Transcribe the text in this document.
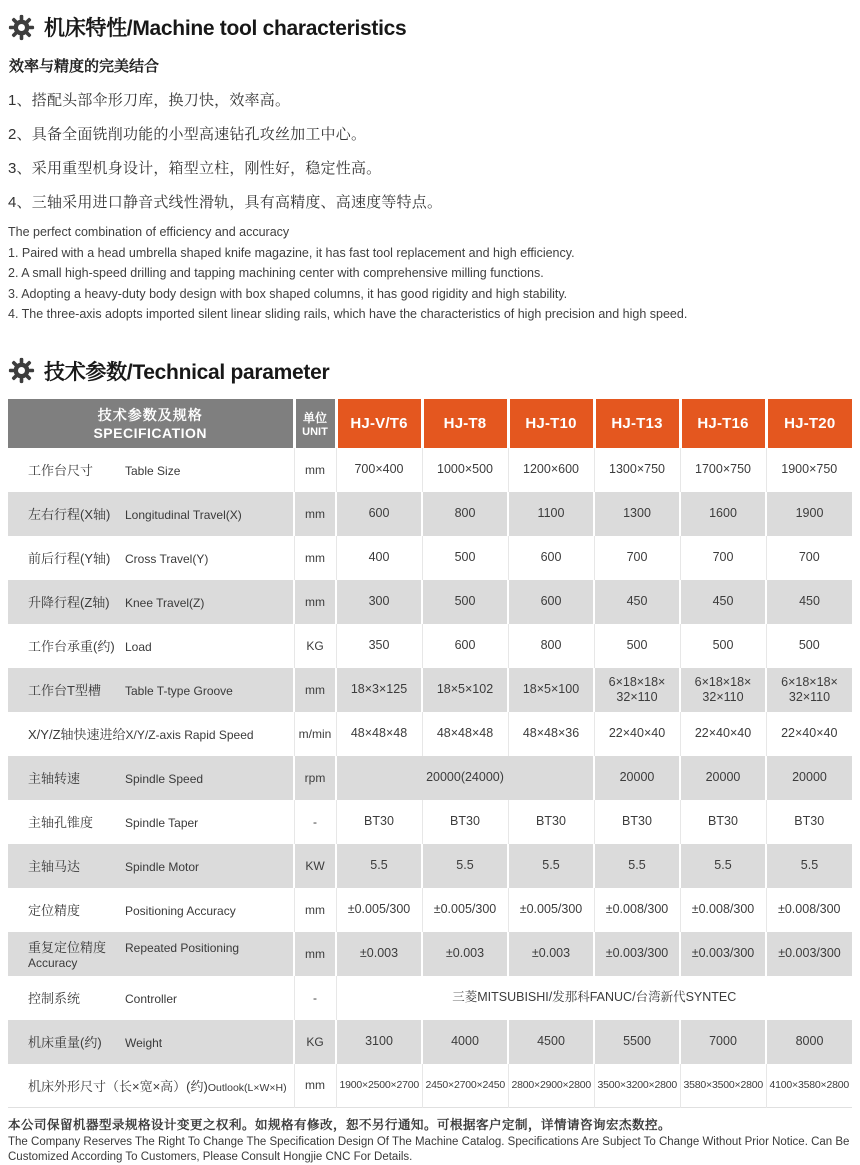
机床特性/Machine tool characteristics
效率与精度的完美结合
1、搭配头部伞形刀库，换刀快，效率高。
2、具备全面铣削功能的小型高速钻孔攻丝加工中心。
3、采用重型机身设计，箱型立柱，刚性好，稳定性高。
4、三轴采用进口静音式线性滑轨，具有高精度、高速度等特点。
The perfect combination of efficiency and accuracy
1. Paired with a head umbrella shaped knife magazine, it has fast tool replacement and high efficiency.
2. A small high-speed drilling and tapping machining center with comprehensive milling functions.
3. Adopting a heavy-duty body design with box shaped columns, it has good rigidity and high stability.
4. The three-axis adopts imported silent linear sliding rails, which have the characteristics of high precision and high speed.
技术参数/Technical parameter
技术参数及规格
SPECIFICATION

单位
UNIT	HJ-V/T6	HJ-T8	HJ-T10	HJ-T13	HJ-T16	HJ-T20
工作台尺寸 Table Size	mm	700×400	1000×500	1200×600	1300×750	1700×750	1900×750
左右行程(X轴)Longitudinal Travel(X)	mm	600	800	1100	1300	1600	1900
前后行程(Y轴)Cross Travel(Y)	mm	400	500	600	700	700	700
升降行程(Z轴)Knee Travel(Z)	mm	300	500	600	450	450	450
工作台承重(约)Load	KG	350	600	800	500	500	500
工作台T型槽Table T-type Groove	mm	18×3×125	18×5×102	18×5×100	6×18×18× 32×110	6×18×18× 32×110	6×18×18× 32×110
X/Y/Z轴快速进给X/Y/Z-axis Rapid Speed	m/min	48×48×48	48×48×48	48×48×36	22×40×40	22×40×40	22×40×40
主轴转速 Spindle Speed	rpm	20000(24000)			20000	20000	20000
主轴孔锥度 Spindle Taper	-	BT30	BT30	BT30	BT30	BT30	BT30
主轴马达 Spindle Motor	KW	5.5	5.5	5.5	5.5	5.5	5.5
定位精度 Positioning Accuracy	mm	±0.005/300	±0.005/300	±0.005/300	±0.008/300	±0.008/300	±0.008/300
重复定位精度Repeated Positioning Accuracy	mm	±0.003	±0.003	±0.003	±0.003/300	±0.003/300	±0.003/300
控制系统 Controller	-	三菱MITSUBISHI/发那科FANUC/台湾新代SYNTEC					
机床重量(约)Weight	KG	3100	4000	4500	5500	7000	8000
机床外形尺寸（长×宽×高）(约)Outlook(L×W×H)	mm	1900×2500×2700	2450×2700×2450	2800×2900×2800	3500×3200×2800	3580×3500×2800	4100×3580×2800
本公司保留机器型录规格设计变更之权利。如规格有修改，恕不另行通知。可根据客户定制，详情请咨询宏杰数控。
The Company Reserves The Right To Change The Specification Design Of The Machine Catalog. Specifications Are Subject To Change Without Prior Notice. Can Be Customized According To Customers, Please Consult Hongjie CNC For Details.
